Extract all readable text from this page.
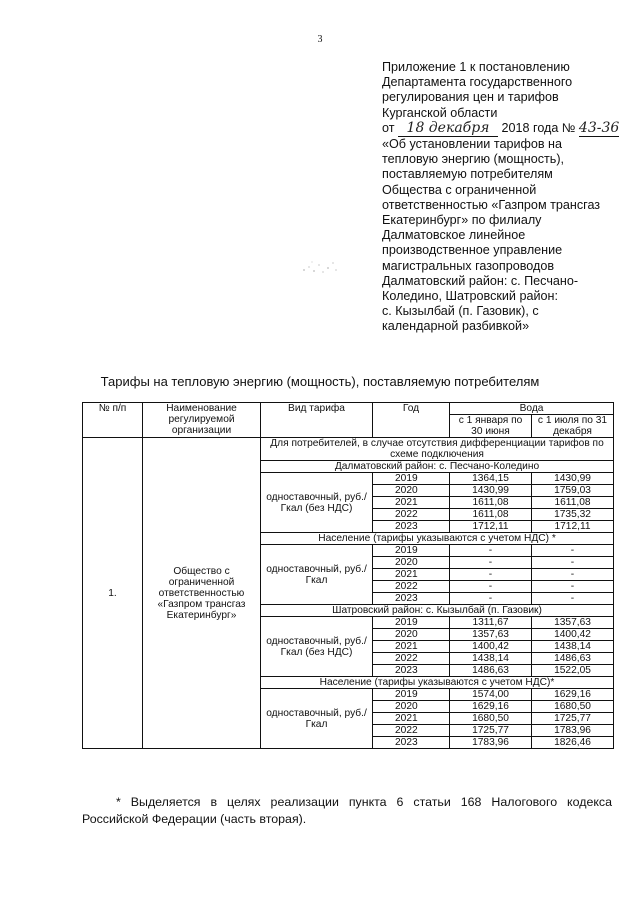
3
Приложение 1 к постановлению
Департамента государственного
регулирования цен и тарифов
Курганской области
от 18 декабря 2018 года № 43-36
«Об установлении тарифов на
тепловую энергию (мощность),
поставляемую потребителям
Общества с ограниченной
ответственностью «Газпром трансгаз
Екатеринбург» по филиалу
Далматовское линейное
производственное управление
магистральных газопроводов
Далматовский район: с. Песчано-
Коледино, Шатровский район:
с. Кызылбай (п. Газовик), с
календарной разбивкой»
Тарифы на тепловую энергию (мощность), поставляемую потребителям
№ п/п	Наименование регулируемой организации	Вид тарифа	Год	Вода	
				с 1 января по 30 июня	с 1 июля по 31 декабря
1.	Общество с ограниченной ответственностью «Газпром трансгаз Екатеринбург»	Для потребителей, в случае отсутствия дифференциации тарифов по схеме подключения			
		Далматовский район: с. Песчано-Коледино			
		одноставочный, руб./Гкал (без НДС)	2019	1364,15	1430,99
			2020	1430,99	1759,03
			2021	1611,08	1611,08
			2022	1611,08	1735,32
			2023	1712,11	1712,11
		Население (тарифы указываются с учетом НДС) *			
		одноставочный, руб./Гкал	2019	-	-
			2020	-	-
			2021	-	-
			2022	-	-
			2023	-	-
		Шатровский район: с. Кызылбай (п. Газовик)			
		одноставочный, руб./Гкал (без НДС)	2019	1311,67	1357,63
			2020	1357,63	1400,42
			2021	1400,42	1438,14
			2022	1438,14	1486,63
			2023	1486,63	1522,05
		Население (тарифы указываются с учетом НДС)*			
		одноставочный, руб./Гкал	2019	1574,00	1629,16
			2020	1629,16	1680,50
			2021	1680,50	1725,77
			2022	1725,77	1783,96
			2023	1783,96	1826,46
* Выделяется в целях реализации пункта 6 статьи 168 Налогового кодекса Российской Федерации (часть вторая).
